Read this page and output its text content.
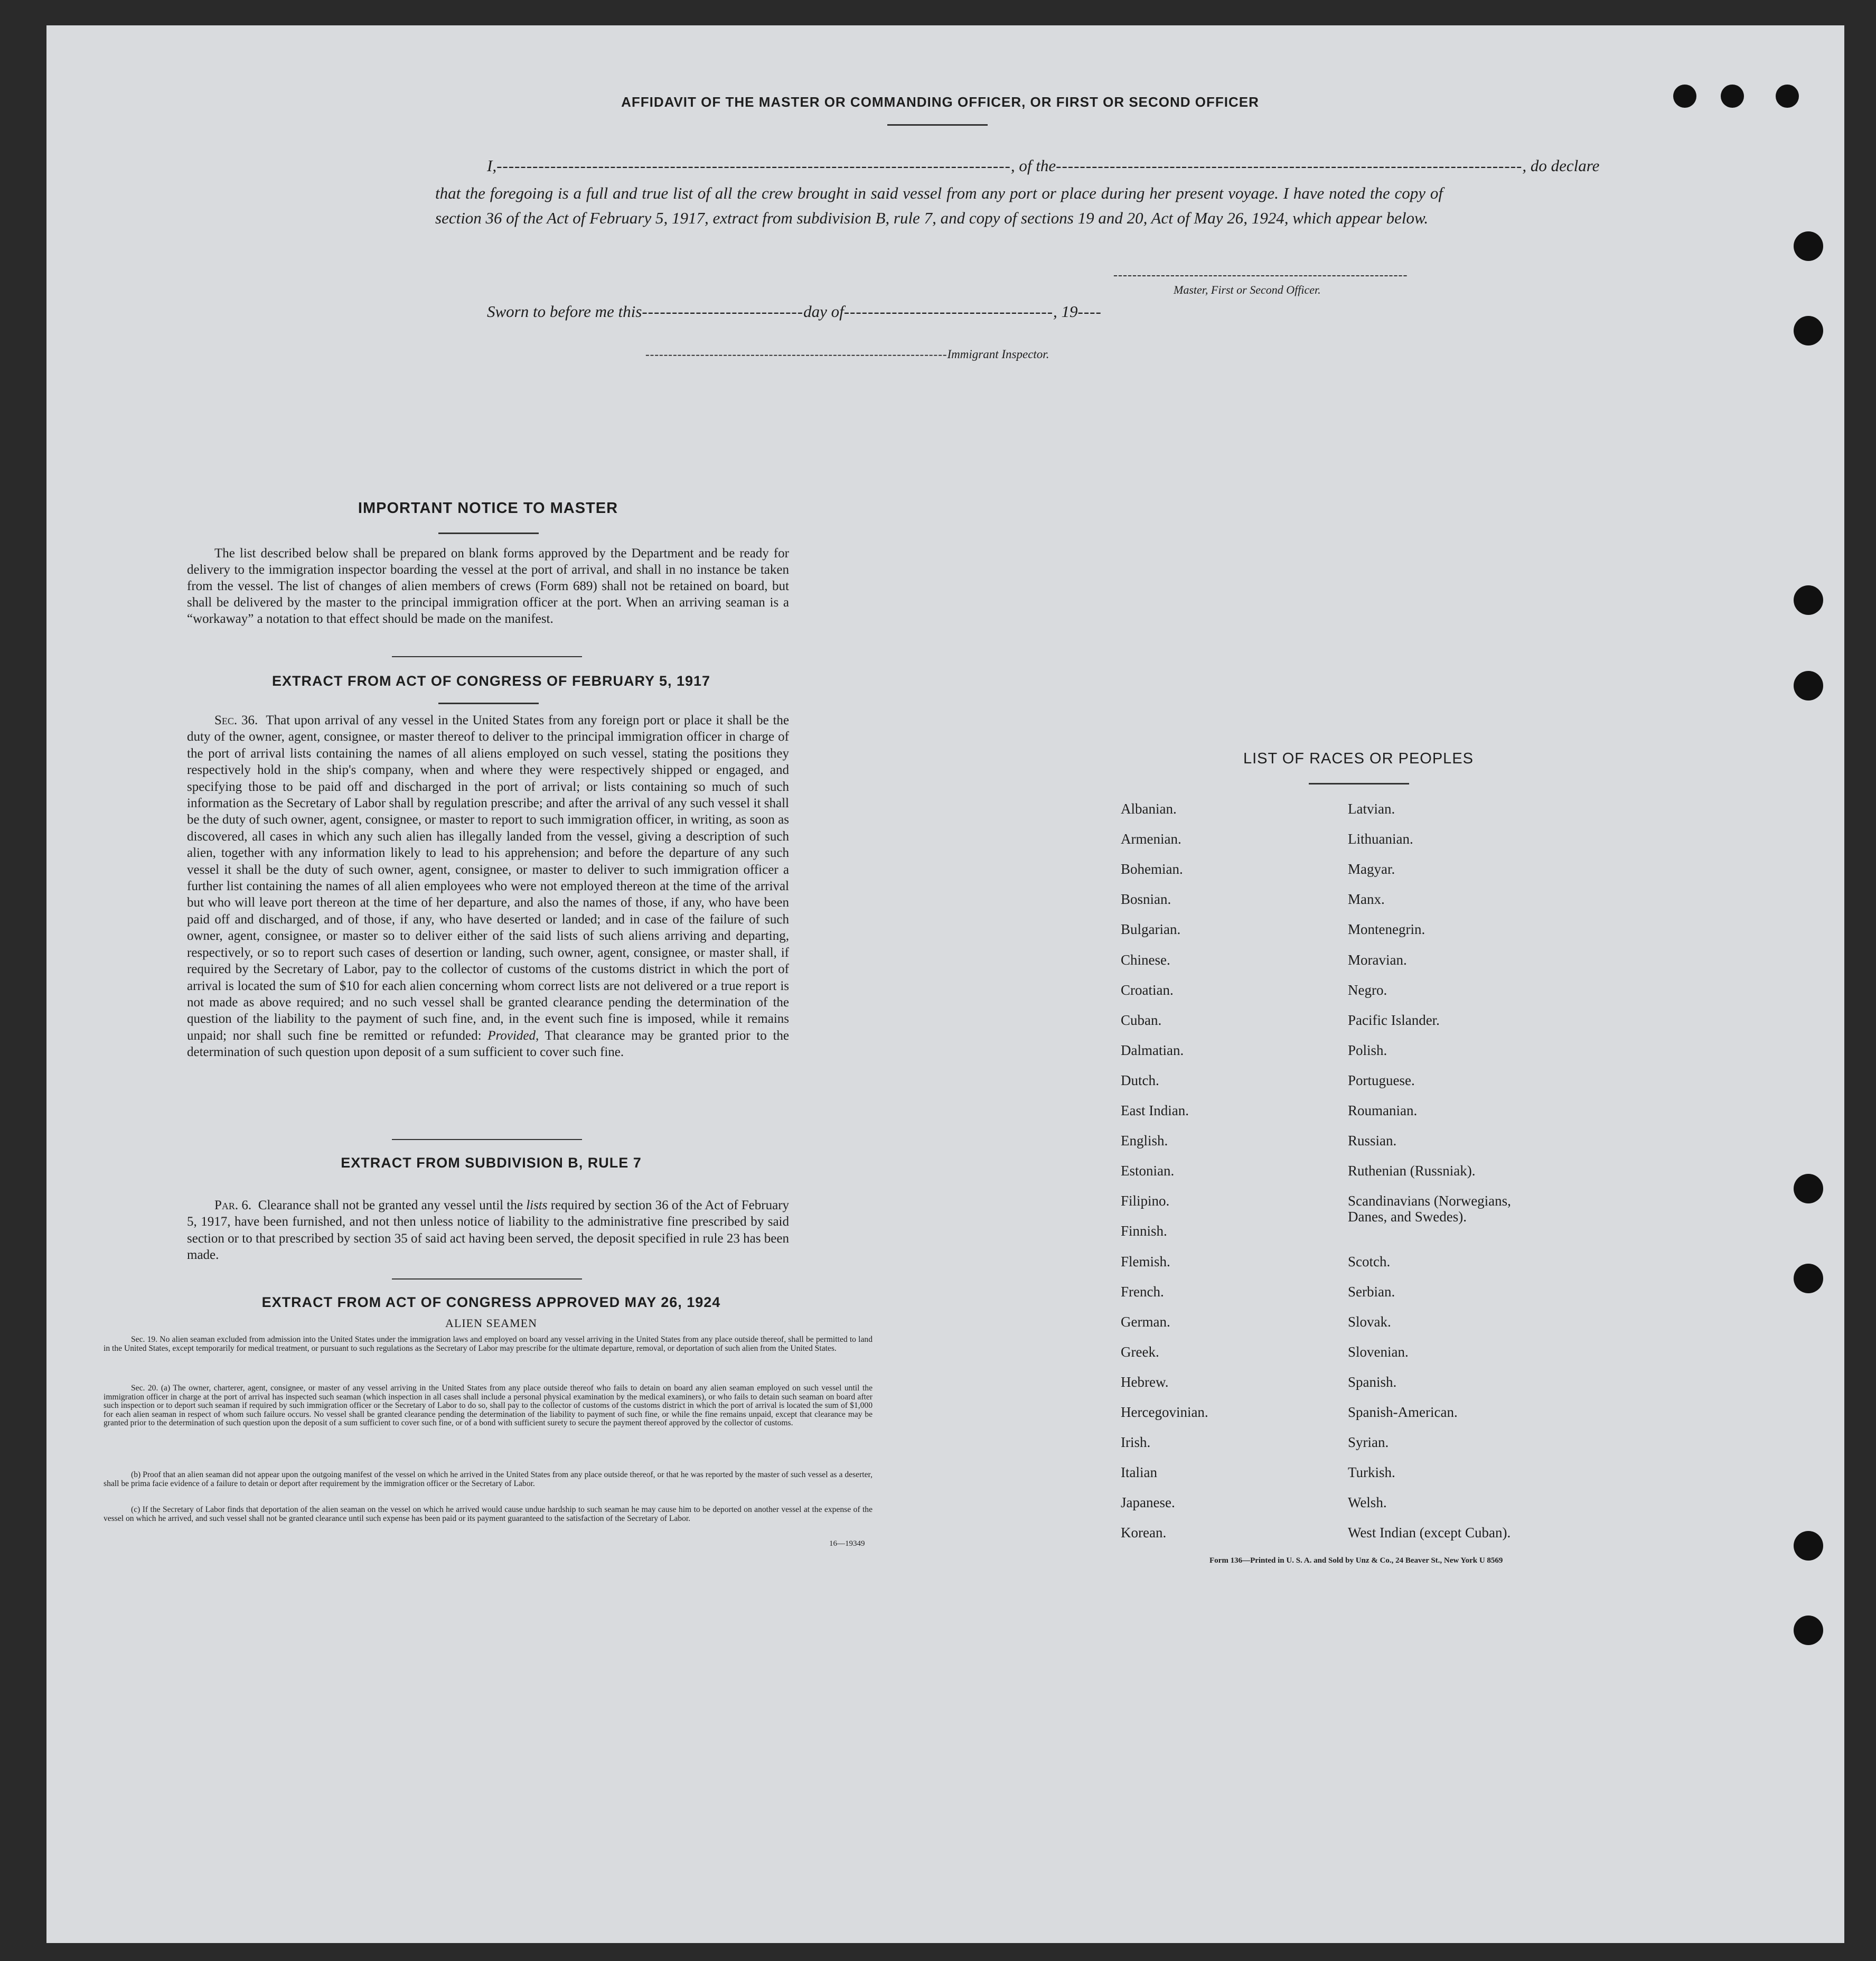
AFFIDAVIT OF THE MASTER OR COMMANDING OFFICER, OR FIRST OR SECOND OFFICER
I,--------------------------------------------------------------------------------------, of the------------------------------------------------------------------------------, do declare
that the foregoing is a full and true list of all the crew brought in said vessel from any port or place during her present voyage. I have noted the copy of section 36 of the Act of February 5, 1917, extract from subdivision B, rule 7, and copy of sections 19 and 20, Act of May 26, 1924, which appear below.
--------------------------------------------------------------
Master, First or Second Officer.
Sworn to before me this---------------------------day of-----------------------------------, 19----
------------------------------------------------------------------Immigrant Inspector.
IMPORTANT NOTICE TO MASTER
The list described below shall be prepared on blank forms approved by the Department and be ready for delivery to the immigration inspector boarding the vessel at the port of arrival, and shall in no instance be taken from the vessel. The list of changes of alien members of crews (Form 689) shall not be retained on board, but shall be delivered by the master to the principal immigration officer at the port. When an arriving seaman is a “workaway” a notation to that effect should be made on the manifest.
EXTRACT FROM ACT OF CONGRESS OF FEBRUARY 5, 1917
Sec. 36. That upon arrival of any vessel in the United States from any foreign port or place it shall be the duty of the owner, agent, consignee, or master thereof to deliver to the principal immigration officer in charge of the port of arrival lists containing the names of all aliens employed on such vessel, stating the positions they respectively hold in the ship's company, when and where they were respectively shipped or engaged, and specifying those to be paid off and discharged in the port of arrival; or lists containing so much of such information as the Secretary of Labor shall by regulation prescribe; and after the arrival of any such vessel it shall be the duty of such owner, agent, consignee, or master to report to such immigration officer, in writing, as soon as discovered, all cases in which any such alien has illegally landed from the vessel, giving a description of such alien, together with any information likely to lead to his apprehension; and before the departure of any such vessel it shall be the duty of such owner, agent, consignee, or master to deliver to such immigration officer a further list containing the names of all alien employees who were not employed thereon at the time of the arrival but who will leave port thereon at the time of her departure, and also the names of those, if any, who have been paid off and discharged, and of those, if any, who have deserted or landed; and in case of the failure of such owner, agent, consignee, or master so to deliver either of the said lists of such aliens arriving and departing, respectively, or so to report such cases of desertion or landing, such owner, agent, consignee, or master shall, if required by the Secretary of Labor, pay to the collector of customs of the customs district in which the port of arrival is located the sum of $10 for each alien concerning whom correct lists are not delivered or a true report is not made as above required; and no such vessel shall be granted clearance pending the determination of the question of the liability to the payment of such fine, and, in the event such fine is imposed, while it remains unpaid; nor shall such fine be remitted or refunded: Provided, That clearance may be granted prior to the determination of such question upon deposit of a sum sufficient to cover such fine.
EXTRACT FROM SUBDIVISION B, RULE 7
Par. 6. Clearance shall not be granted any vessel until the lists required by section 36 of the Act of February 5, 1917, have been furnished, and not then unless notice of liability to the administrative fine prescribed by said section or to that prescribed by section 35 of said act having been served, the deposit specified in rule 23 has been made.
EXTRACT FROM ACT OF CONGRESS APPROVED MAY 26, 1924
ALIEN SEAMEN
Sec. 19. No alien seaman excluded from admission into the United States under the immigration laws and employed on board any vessel arriving in the United States from any place outside thereof, shall be permitted to land in the United States, except temporarily for medical treatment, or pursuant to such regulations as the Secretary of Labor may prescribe for the ultimate departure, removal, or deportation of such alien from the United States.
Sec. 20. (a) The owner, charterer, agent, consignee, or master of any vessel arriving in the United States from any place outside thereof who fails to detain on board any alien seaman employed on such vessel until the immigration officer in charge at the port of arrival has inspected such seaman (which inspection in all cases shall include a personal physical examination by the medical examiners), or who fails to detain such seaman on board after such inspection or to deport such seaman if required by such immigration officer or the Secretary of Labor to do so, shall pay to the collector of customs of the customs district in which the port of arrival is located the sum of $1,000 for each alien seaman in respect of whom such failure occurs. No vessel shall be granted clearance pending the determination of the liability to payment of such fine, or while the fine remains unpaid, except that clearance may be granted prior to the determination of such question upon the deposit of a sum sufficient to cover such fine, or of a bond with sufficient surety to secure the payment thereof approved by the collector of customs.
(b) Proof that an alien seaman did not appear upon the outgoing manifest of the vessel on which he arrived in the United States from any place outside thereof, or that he was reported by the master of such vessel as a deserter, shall be prima facie evidence of a failure to detain or deport after requirement by the immigration officer or the Secretary of Labor.
(c) If the Secretary of Labor finds that deportation of the alien seaman on the vessel on which he arrived would cause undue hardship to such seaman he may cause him to be deported on another vessel at the expense of the vessel on which he arrived, and such vessel shall not be granted clearance until such expense has been paid or its payment guaranteed to the satisfaction of the Secretary of Labor.
16—19349
LIST OF RACES OR PEOPLES
Albanian.
Armenian.
Bohemian.
Bosnian.
Bulgarian.
Chinese.
Croatian.
Cuban.
Dalmatian.
Dutch.
East Indian.
English.
Estonian.
Filipino.
Finnish.
Flemish.
French.
German.
Greek.
Hebrew.
Hercegovinian.
Irish.
Italian
Japanese.
Korean.
Latvian.
Lithuanian.
Magyar.
Manx.
Montenegrin.
Moravian.
Negro.
Pacific Islander.
Polish.
Portuguese.
Roumanian.
Russian.
Ruthenian (Russniak).
Scandinavians (Norwegians,
Danes, and Swedes).
Scotch.
Serbian.
Slovak.
Slovenian.
Spanish.
Spanish-American.
Syrian.
Turkish.
Welsh.
West Indian (except Cuban).
Form 136—Printed in U. S. A. and Sold by Unz & Co., 24 Beaver St., New York U 8569
